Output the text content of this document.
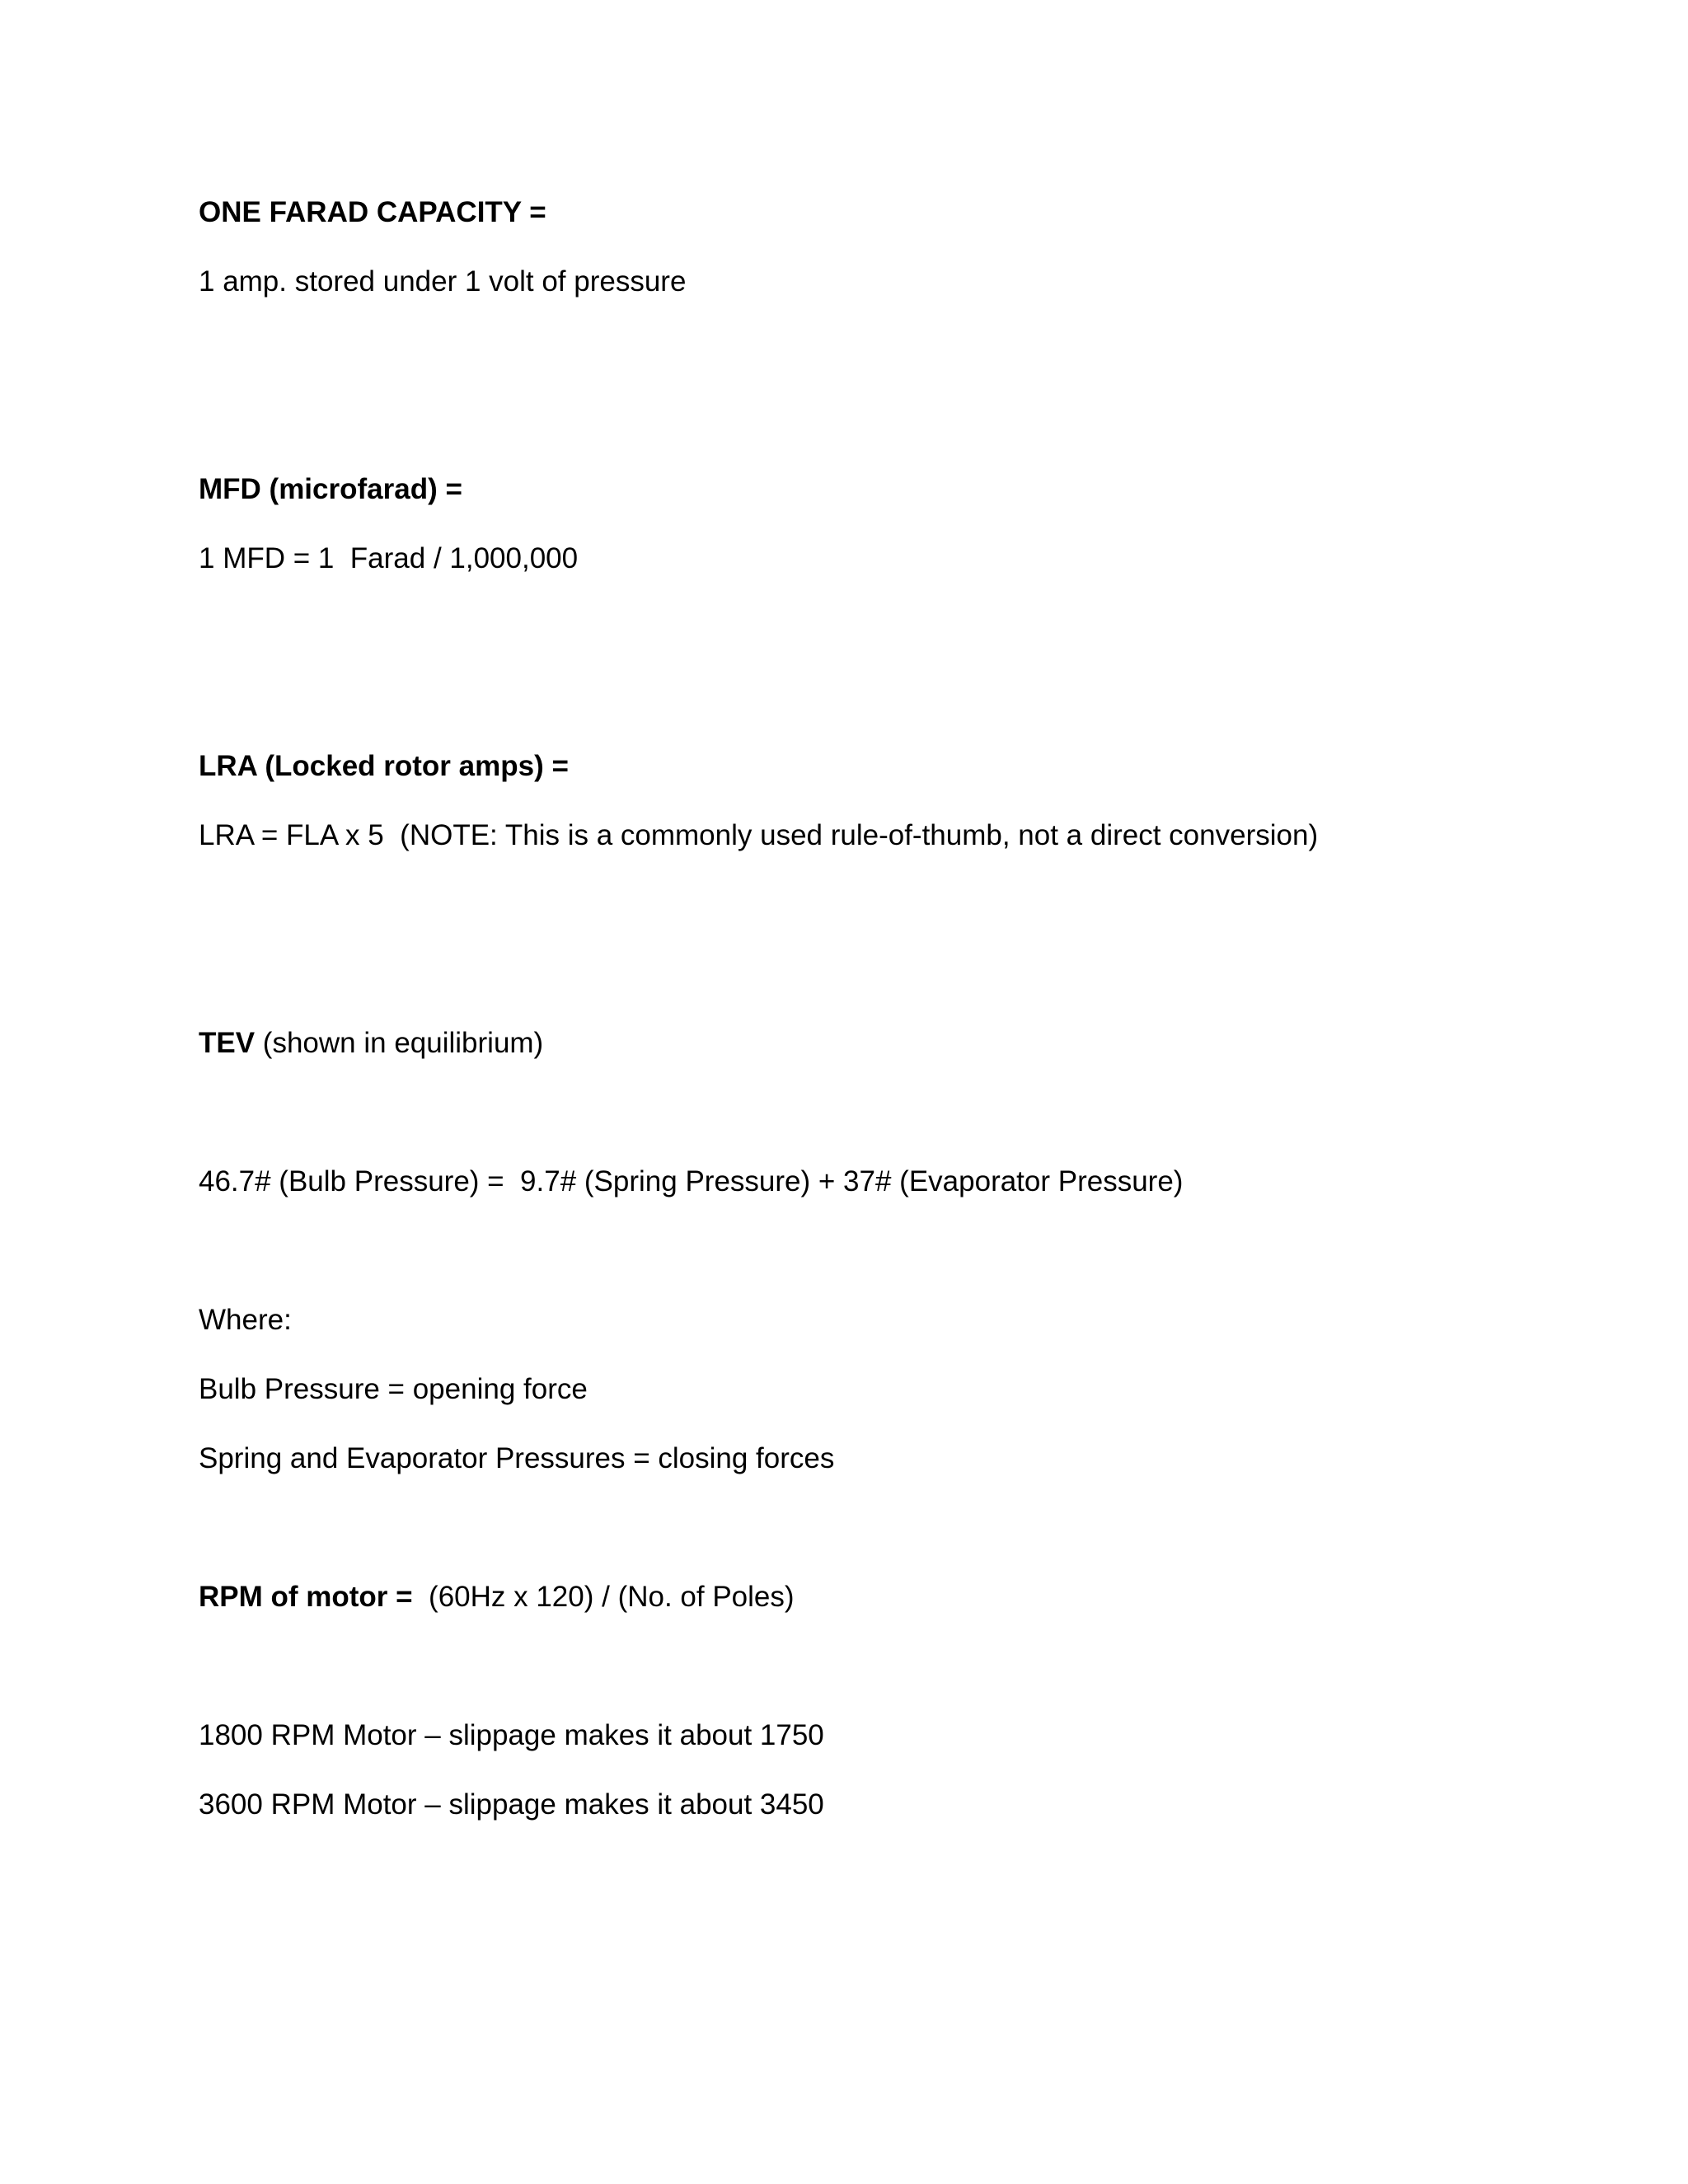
ONE FARAD CAPACITY =
1 amp. stored under 1 volt of pressure
MFD (microfarad) =
1 MFD = 1  Farad / 1,000,000
LRA (Locked rotor amps) =
LRA = FLA x 5  (NOTE: This is a commonly used rule-of-thumb, not a direct conversion)
TEV (shown in equilibrium)
46.7# (Bulb Pressure) =  9.7# (Spring Pressure) + 37# (Evaporator Pressure)
Where:
Bulb Pressure = opening force
Spring and Evaporator Pressures = closing forces
RPM of motor =  (60Hz x 120) / (No. of Poles)
1800 RPM Motor – slippage makes it about 1750
3600 RPM Motor – slippage makes it about 3450
